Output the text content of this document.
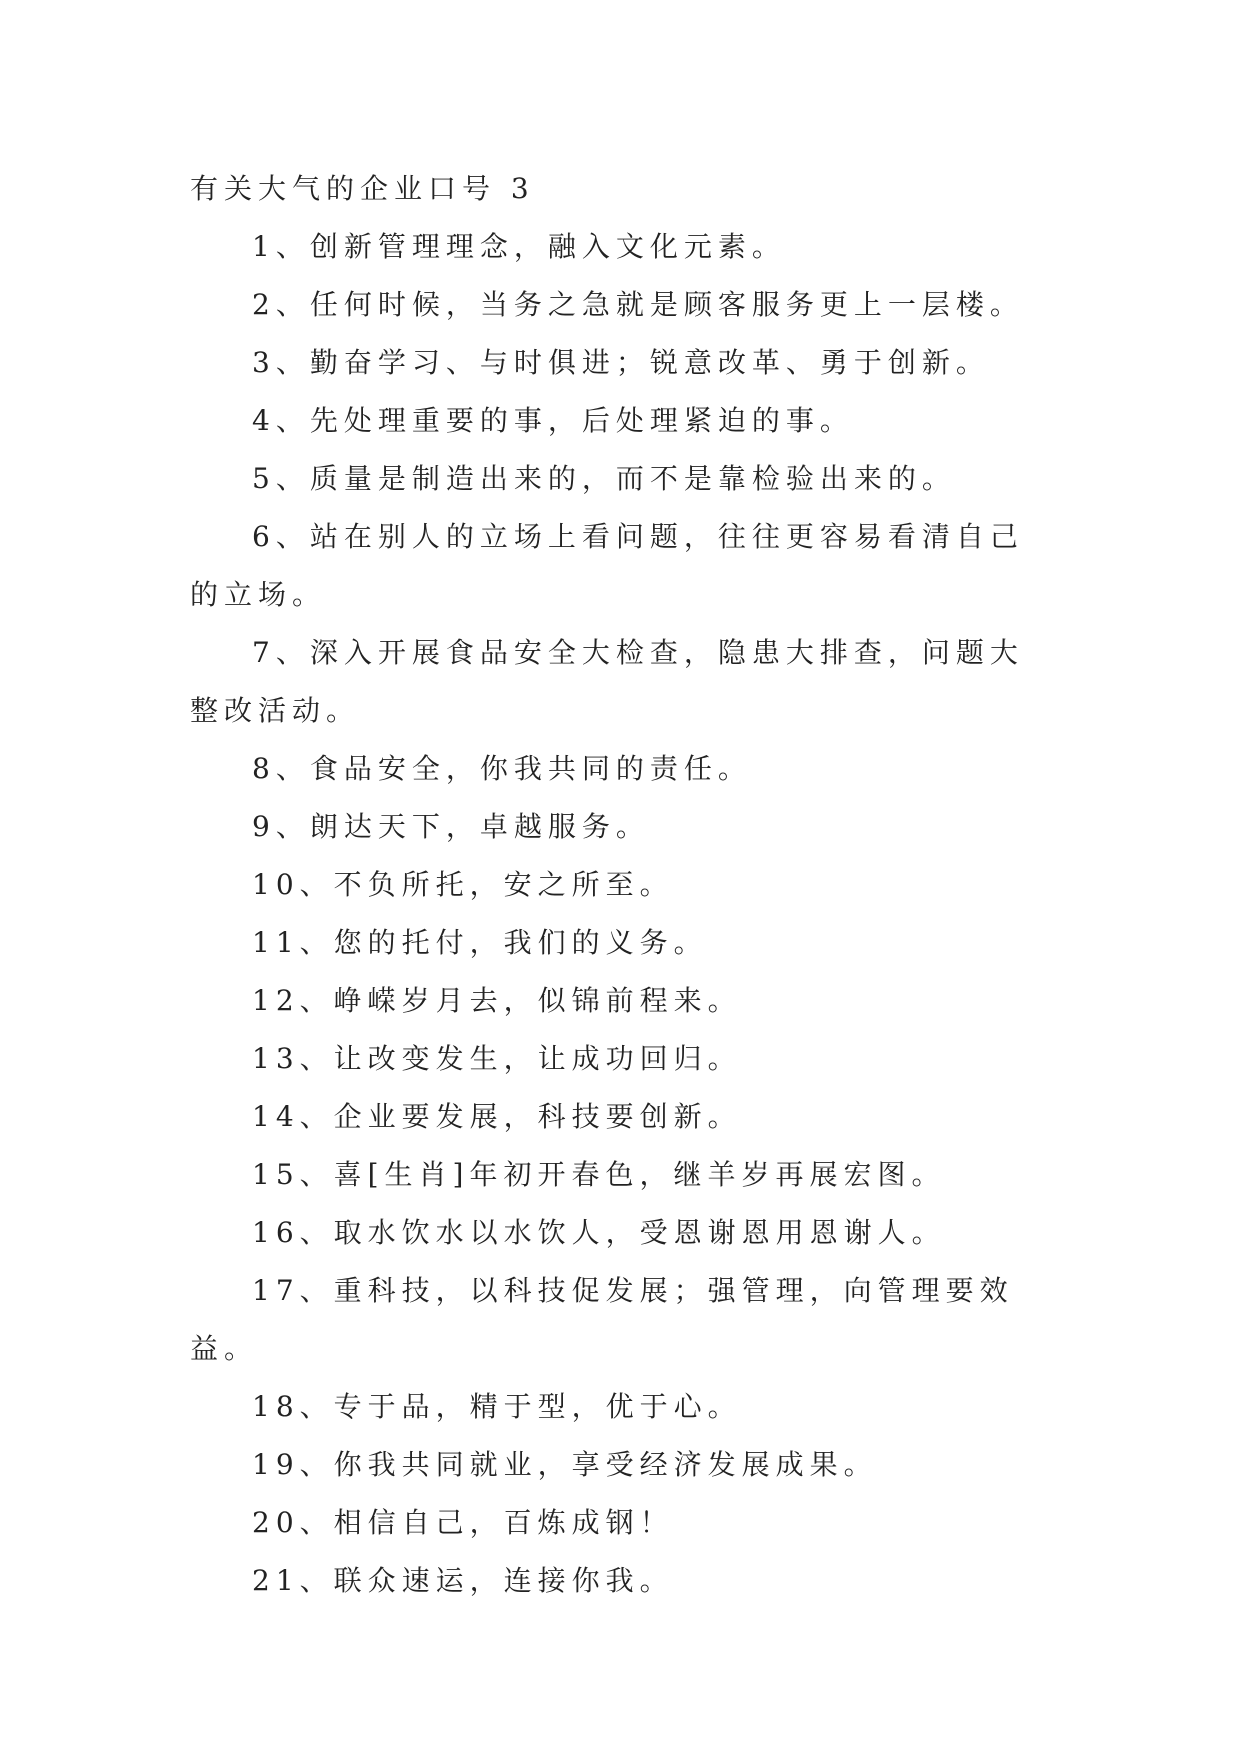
有关大气的企业口号 3

1、创新管理理念，融入文化元素。

2、任何时候，当务之急就是顾客服务更上一层楼。

3、勤奋学习、与时俱进；锐意改革、勇于创新。

4、先处理重要的事，后处理紧迫的事。

5、质量是制造出来的，而不是靠检验出来的。

6、站在别人的立场上看问题，往往更容易看清自己的立场。

7、深入开展食品安全大检查，隐患大排查，问题大整改活动。

8、食品安全，你我共同的责任。

9、朗达天下，卓越服务。

10、不负所托，安之所至。

11、您的托付，我们的义务。

12、峥嵘岁月去，似锦前程来。

13、让改变发生，让成功回归。

14、企业要发展，科技要创新。

15、喜[生肖]年初开春色，继羊岁再展宏图。

16、取水饮水以水饮人，受恩谢恩用恩谢人。

17、重科技，以科技促发展；强管理，向管理要效益。

18、专于品，精于型，优于心。

19、你我共同就业，享受经济发展成果。

20、相信自己，百炼成钢！

21、联众速运，连接你我。
